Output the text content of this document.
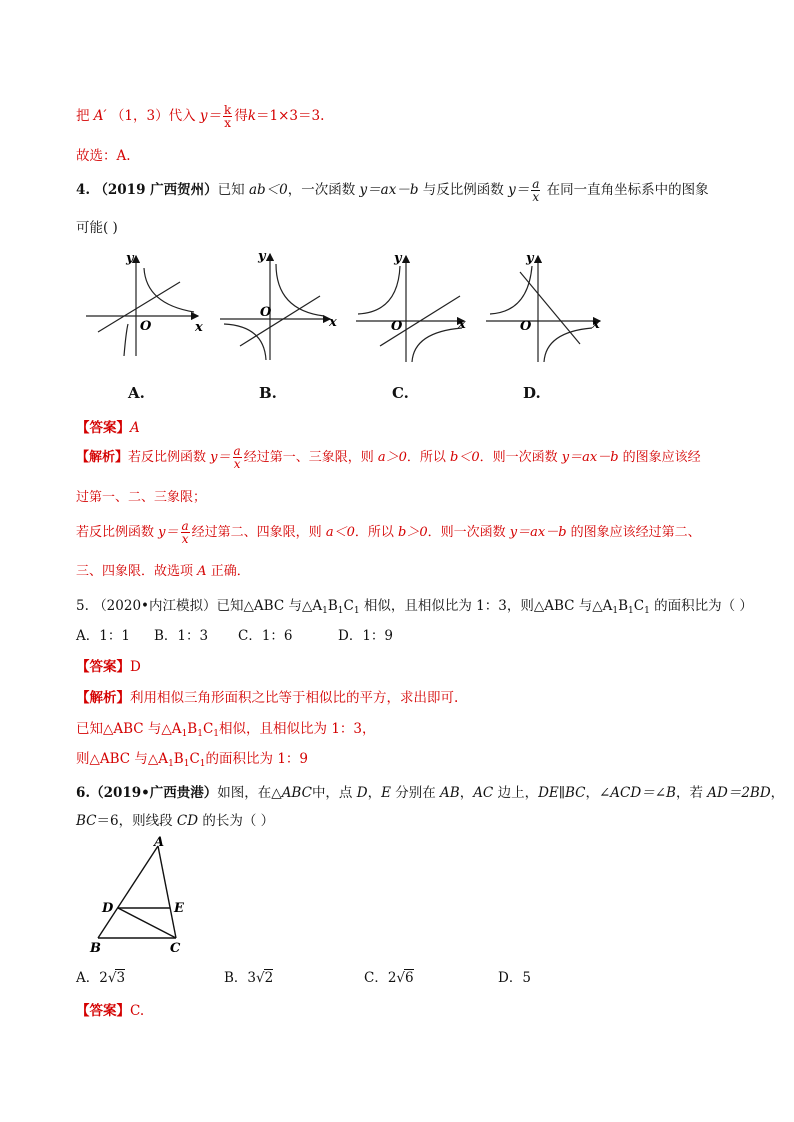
把 A′ （1，3）代入 $y= \frac{k}{x}$ 得k＝1×3＝3.
故选：A.
4. （2019 广西贺州）已知 ab＜0，一次函数 y＝ax－b 与反比例函数 $y= \frac{a}{x}$ 在同一直角坐标系中的图象
可能( )
y
x
O
y
x
O
y
x
O
y
x
O
A.	B.	C.	D.
【答案】A
【解析】若反比例函数 $y= \frac{a}{x}$ 经过第一、三象限，则 a＞0．所以 b＜0．则一次函数 y＝ax－b 的图象应该经
过第一、二、三象限；
若反比例函数 $y= \frac{a}{x}$ 经过第二、四象限，则 a＜0．所以 b＞0．则一次函数 y＝ax－b 的图象应该经过第二、
三、四象限．故选项 A 正确．
5. （2020•内江模拟）已知△ABC 与$\triangle A_1B_1C_1$ 相似，且相似比为 1：3，则△ABC 与$\triangle A_1B_1C_1$ 的面积比为（ ）
A．1：1 B．1：3 C．1：6	D．1：9
【答案】D
【解析】利用相似三角形面积之比等于相似比的平方，求出即可.
已知△ABC 与$\triangle A_1B_1C_1$相似，且相似比为 1：3，
则△ABC 与$\triangle A_1B_1C_1$的面积比为 1：9
6.（2019•广西贵港）如图，在△ABC中，点 D，E 分别在 AB，AC 边上，DE∥BC，∠ACD＝∠B，若 AD＝2BD，
BC＝6，则线段 CD 的长为（ ）
A
B	C
D	E
A．2√3	B．3√2	C．2√6	D．5
【答案】C.
